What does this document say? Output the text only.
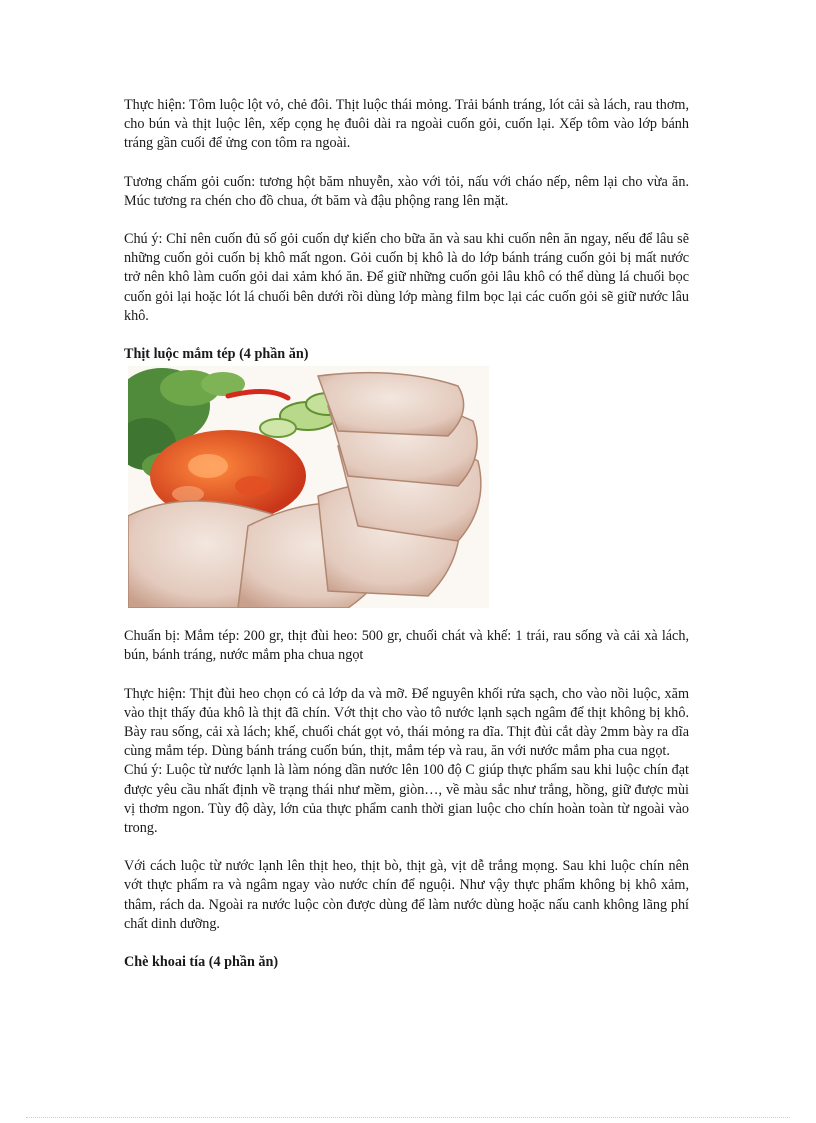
Thực hiện: Tôm luộc lột vỏ, chẻ đôi. Thịt luộc thái mỏng. Trải bánh tráng, lót cải sà lách, rau thơm, cho bún và thịt luộc lên, xếp cọng hẹ đuôi dài ra ngoài cuốn gỏi, cuốn lại. Xếp tôm vào lớp bánh tráng gần cuối để ửng con tôm ra ngoài.

Tương chấm gỏi cuốn: tương hột băm nhuyễn, xào với tỏi, nấu với cháo nếp, nêm lại cho vừa ăn. Múc tương ra chén cho đồ chua, ớt băm và đậu phộng rang lên mặt.

Chú ý: Chỉ nên cuốn đủ số gỏi cuốn dự kiến cho bữa ăn và sau khi cuốn nên ăn ngay, nếu để lâu sẽ những cuốn gỏi cuốn bị khô mất ngon. Gỏi cuốn bị khô là do lớp bánh tráng cuốn gỏi bị mất nước trở nên khô làm cuốn gỏi dai xảm khó ăn. Để giữ những cuốn gỏi lâu khô có thể dùng lá chuối bọc cuốn gỏi lại hoặc lót lá chuối bên dưới rồi dùng lớp màng film bọc lại các cuốn gỏi sẽ giữ nước lâu khô.

Thịt luộc mắm tép (4 phần ăn)

Chuẩn bị: Mắm tép: 200 gr, thịt đùi heo: 500 gr, chuối chát và khế: 1 trái, rau sống và cải xà lách, bún, bánh tráng, nước mắm pha chua ngọt

Thực hiện: Thịt đùi heo chọn có cả lớp da và mỡ. Để nguyên khối rửa sạch, cho vào nồi luộc, xăm vào thịt thấy đủa khô là thịt đã chín. Vớt thịt cho vào tô nước lạnh sạch ngâm để thịt không bị khô. Bày rau sống, cải xà lách; khế, chuối chát gọt vỏ, thái mỏng ra dĩa. Thịt đùi cắt dày 2mm bày ra dĩa cùng mắm tép. Dùng bánh tráng cuốn bún, thịt, mắm tép và rau, ăn với nước mắm pha cua ngọt.

Chú ý: Luộc từ nước lạnh là làm nóng dần nước lên 100 độ C giúp thực phẩm sau khi luộc chín đạt được yêu cầu nhất định về trạng thái như mềm, giòn…, về màu sắc như trắng, hồng, giữ được mùi vị thơm ngon. Tùy độ dày, lớn của thực phẩm canh thời gian luộc cho chín hoàn toàn từ ngoài vào trong.

Với cách luộc từ nước lạnh lên thịt heo, thịt bò, thịt gà, vịt dễ trắng mọng. Sau khi luộc chín nên vớt thực phẩm ra và ngâm ngay vào nước chín để nguội. Như vậy thực phẩm không bị khô xảm, thâm, rách da. Ngoài ra nước luộc còn được dùng để làm nước dùng hoặc nấu canh không lãng phí chất dinh dưỡng.

Chè khoai tía (4 phần ăn)
